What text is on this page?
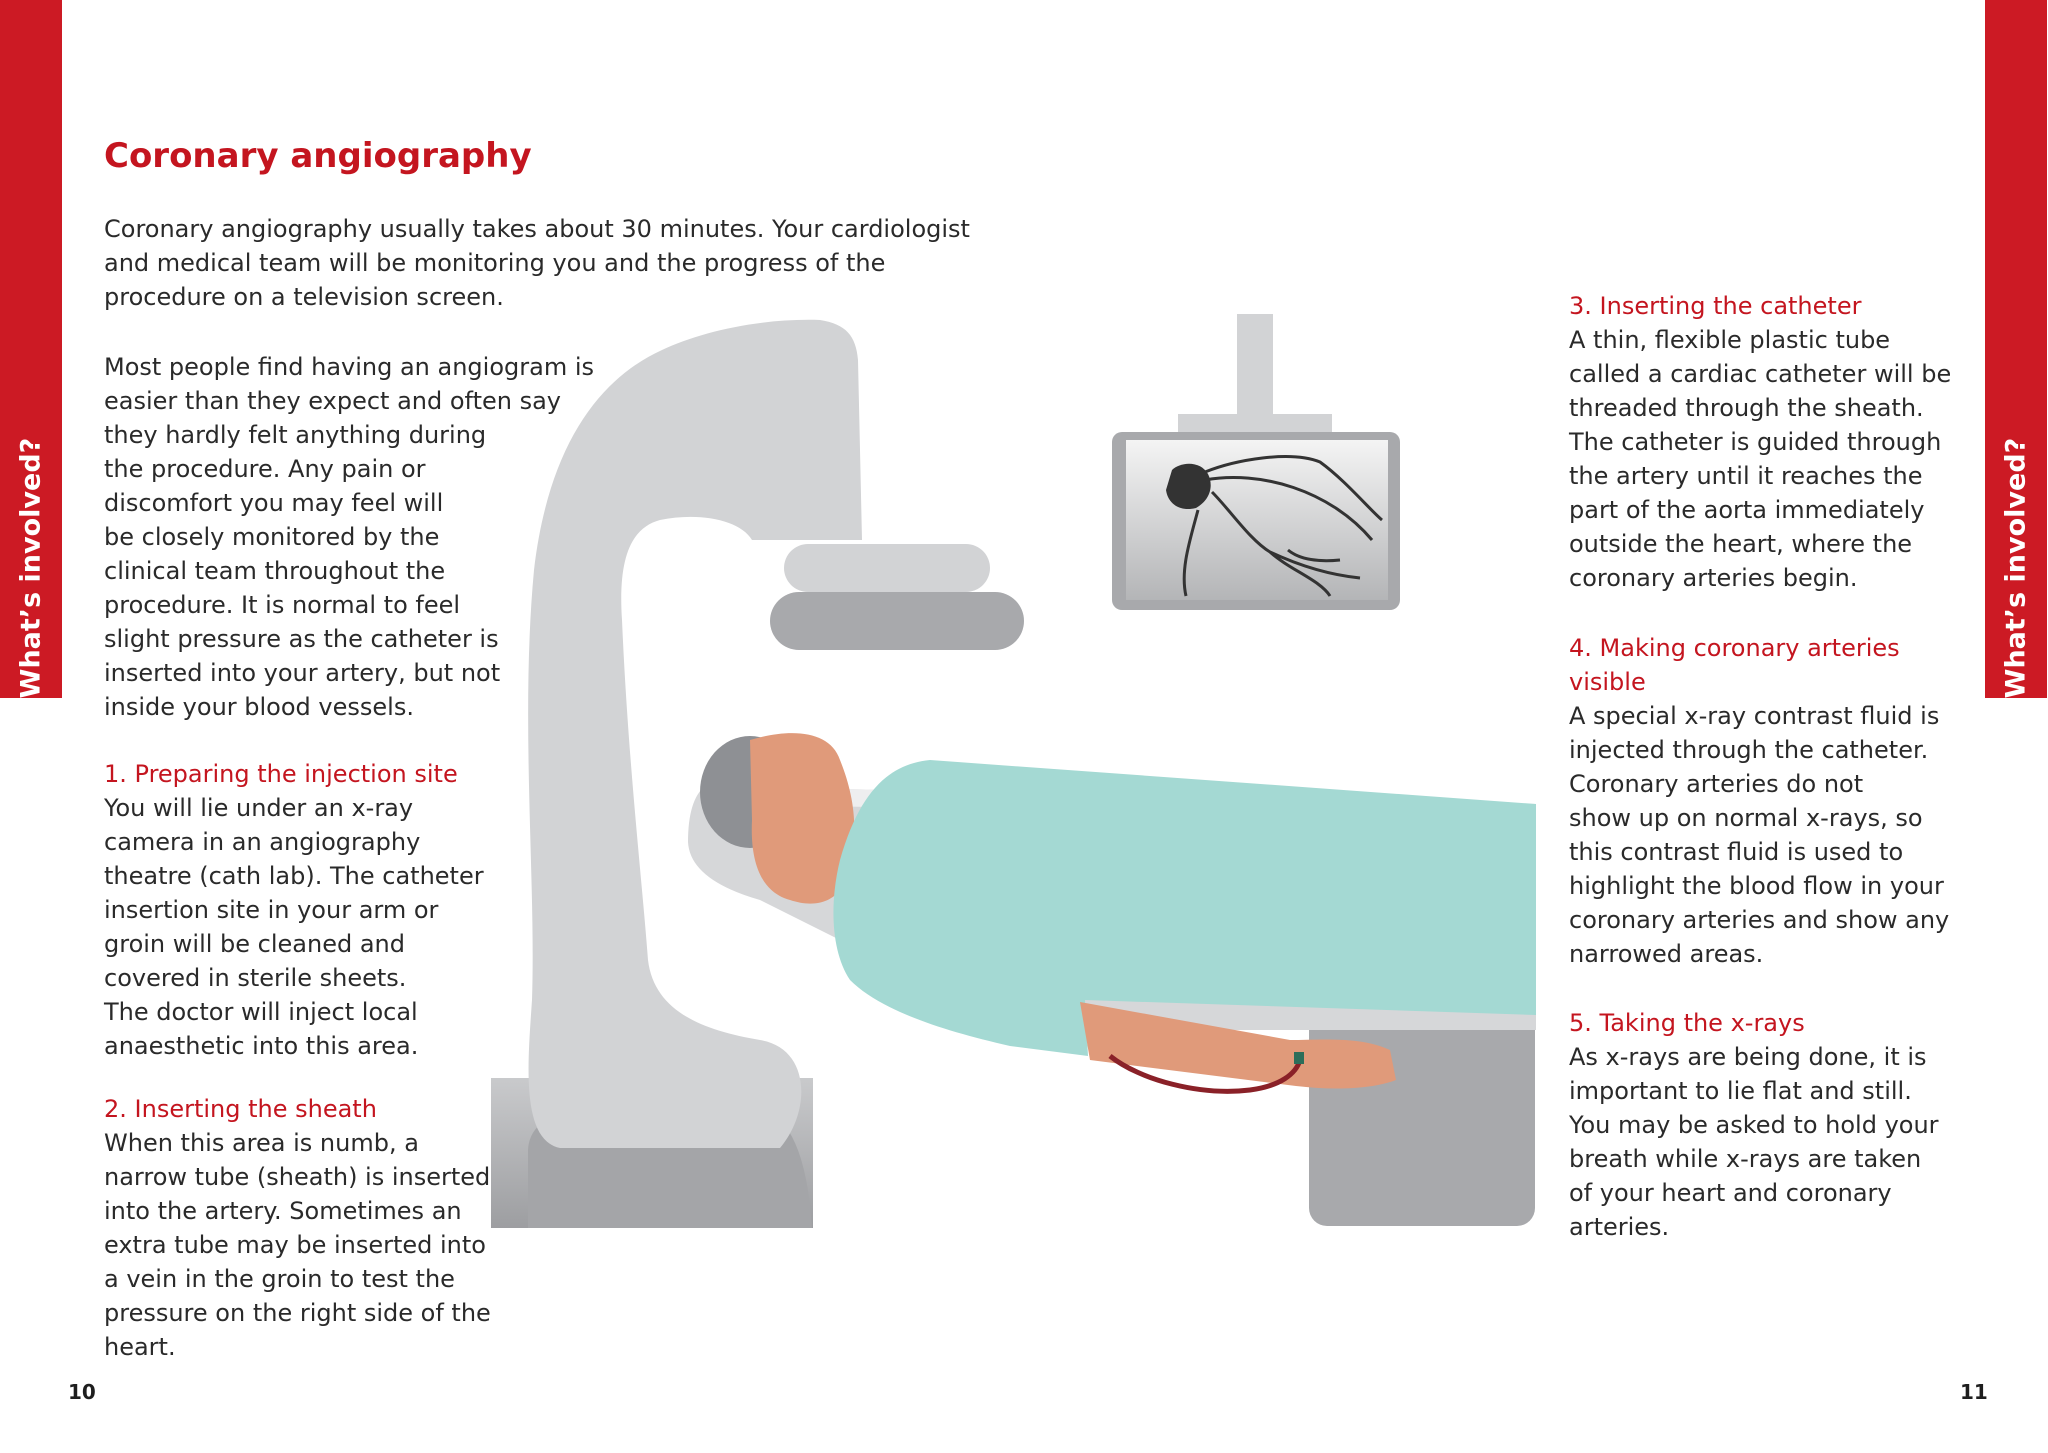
What’s involved?	What’s involved?
Coronary angiography

Coronary angiography usually takes about 30 minutes. Your cardiologist
and medical team will be monitoring you and the progress of the
procedure on a television screen.

Most people find having an angiogram is
easier than they expect and often say
they hardly felt anything during
the procedure. Any pain or
discomfort you may feel will
be closely monitored by the
clinical team throughout the
procedure. It is normal to feel
slight pressure as the catheter is
inserted into your artery, but not
inside your blood vessels.

1. Preparing the injection site
You will lie under an x-ray
camera in an angiography
theatre (cath lab). The catheter
insertion site in your arm or
groin will be cleaned and
covered in sterile sheets.
The doctor will inject local
anaesthetic into this area.

2. Inserting the sheath
When this area is numb, a
narrow tube (sheath) is inserted
into the artery. Sometimes an
extra tube may be inserted into
a vein in the groin to test the
pressure on the right side of the
heart.

3. Inserting the catheter
A thin, flexible plastic tube
called a cardiac catheter will be
threaded through the sheath.
The catheter is guided through
the artery until it reaches the
part of the aorta immediately
outside the heart, where the
coronary arteries begin.

4. Making coronary arteries
visible
A special x-ray contrast fluid is
injected through the catheter.
Coronary arteries do not
show up on normal x-rays, so
this contrast fluid is used to
highlight the blood flow in your
coronary arteries and show any
narrowed areas.

5. Taking the x-rays
As x-rays are being done, it is
important to lie flat and still.
You may be asked to hold your
breath while x-rays are taken
of your heart and coronary
arteries.

10	11
